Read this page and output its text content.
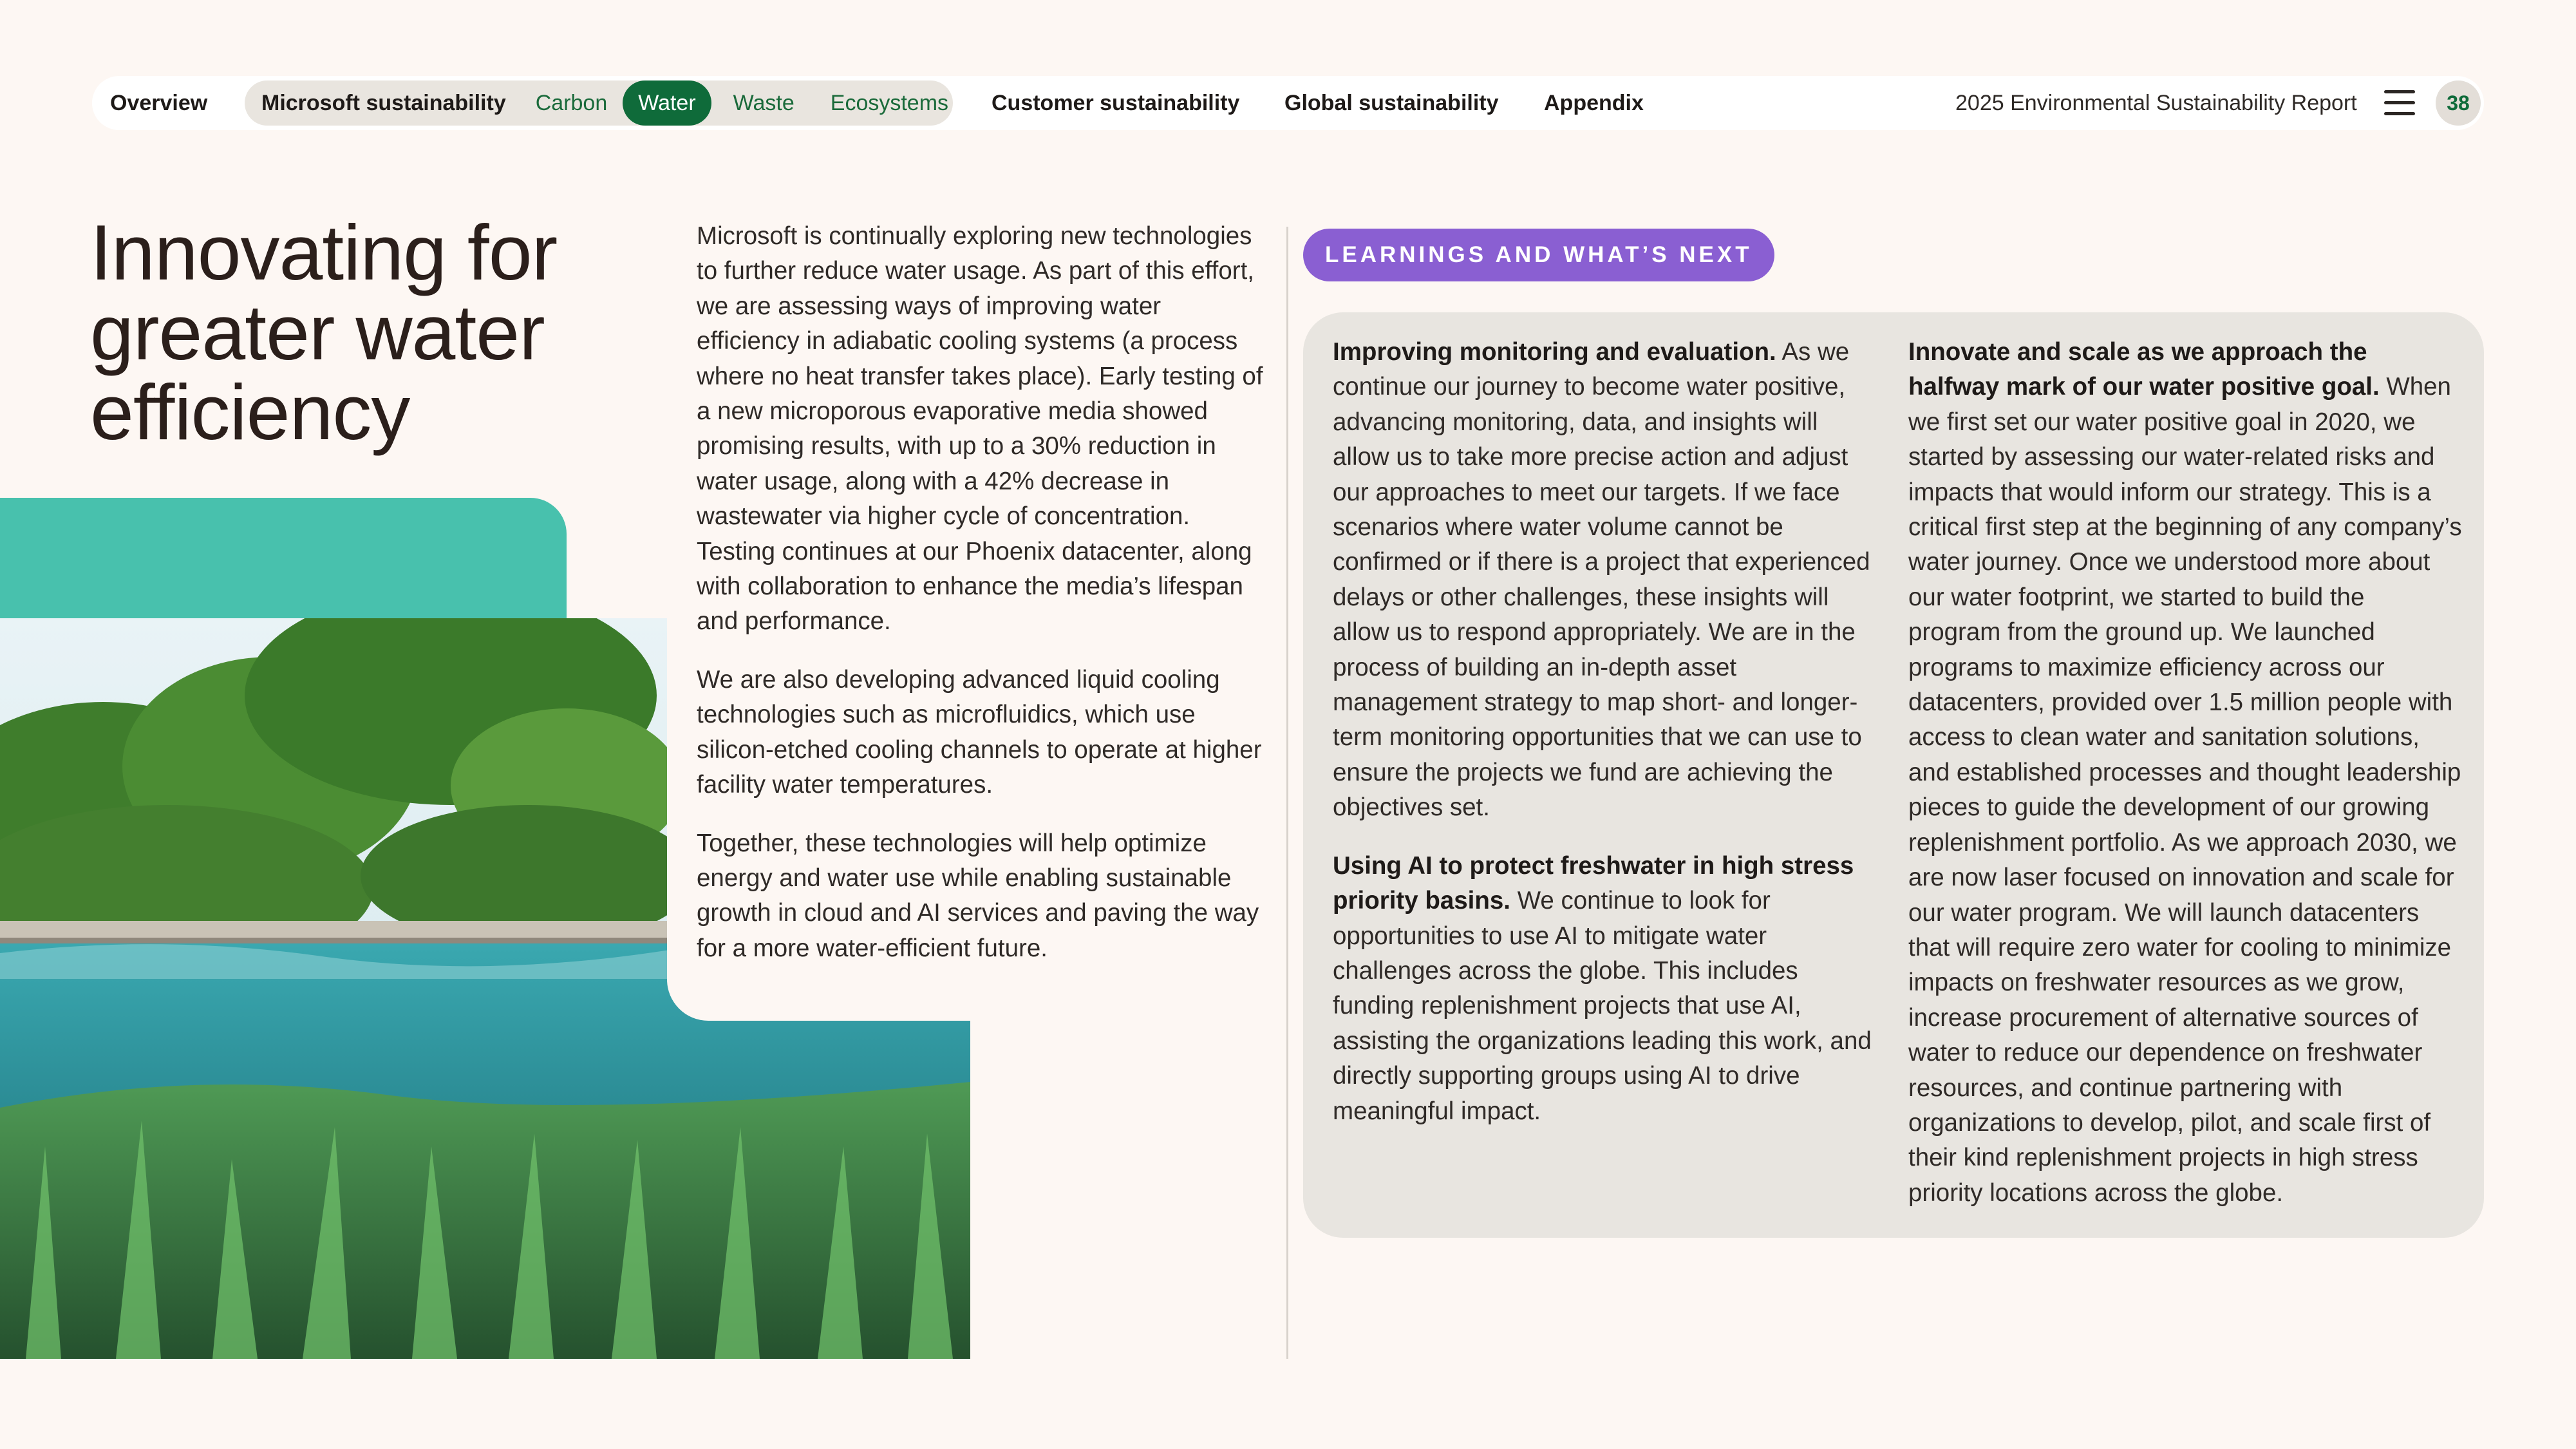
Overview Microsoft sustainability Carbon	Water	Waste Ecosystems Customer sustainability Global sustainability Appendix	2025 Environmental Sustainability Report	38
Innovating for greater water efficiency

Microsoft is continually exploring new technologies to further reduce water usage. As part of this effort, we are assessing ways of improving water efficiency in adiabatic cooling systems (a process where no heat transfer takes place). Early testing of a new microporous evaporative media showed promising results, with up to a 30% reduction in water usage, along with a 42% decrease in wastewater via higher cycle of concentration. Testing continues at our Phoenix datacenter, along with collaboration to enhance the media’s lifespan and performance.

We are also developing advanced liquid cooling technologies such as microfluidics, which use silicon-etched cooling channels to operate at higher facility water temperatures.

Together, these technologies will help optimize energy and water use while enabling sustainable growth in cloud and AI services and paving the way for a more water-efficient future.

LEARNINGS AND WHAT’S NEXT

Improving monitoring and evaluation. As we continue our journey to become water positive, advancing monitoring, data, and insights will allow us to take more precise action and adjust our approaches to meet our targets. If we face scenarios where water volume cannot be confirmed or if there is a project that experienced delays or other challenges, these insights will allow us to respond appropriately. We are in the process of building an in-depth asset management strategy to map short- and longer-term monitoring opportunities that we can use to ensure the projects we fund are achieving the objectives set.

Using AI to protect freshwater in high stress priority basins. We continue to look for opportunities to use AI to mitigate water challenges across the globe. This includes funding replenishment projects that use AI, assisting the organizations leading this work, and directly supporting groups using AI to drive meaningful impact.

Innovate and scale as we approach the halfway mark of our water positive goal. When we first set our water positive goal in 2020, we started by assessing our water-related risks and impacts that would inform our strategy. This is a critical first step at the beginning of any company’s water journey. Once we understood more about our water footprint, we started to build the program from the ground up. We launched programs to maximize efficiency across our datacenters, provided over 1.5 million people with access to clean water and sanitation solutions, and established processes and thought leadership pieces to guide the development of our growing replenishment portfolio. As we approach 2030, we are now laser focused on innovation and scale for our water program. We will launch datacenters that will require zero water for cooling to minimize impacts on freshwater resources as we grow, increase procurement of alternative sources of water to reduce our dependence on freshwater resources, and continue partnering with organizations to develop, pilot, and scale first of their kind replenishment projects in high stress priority locations across the globe.
